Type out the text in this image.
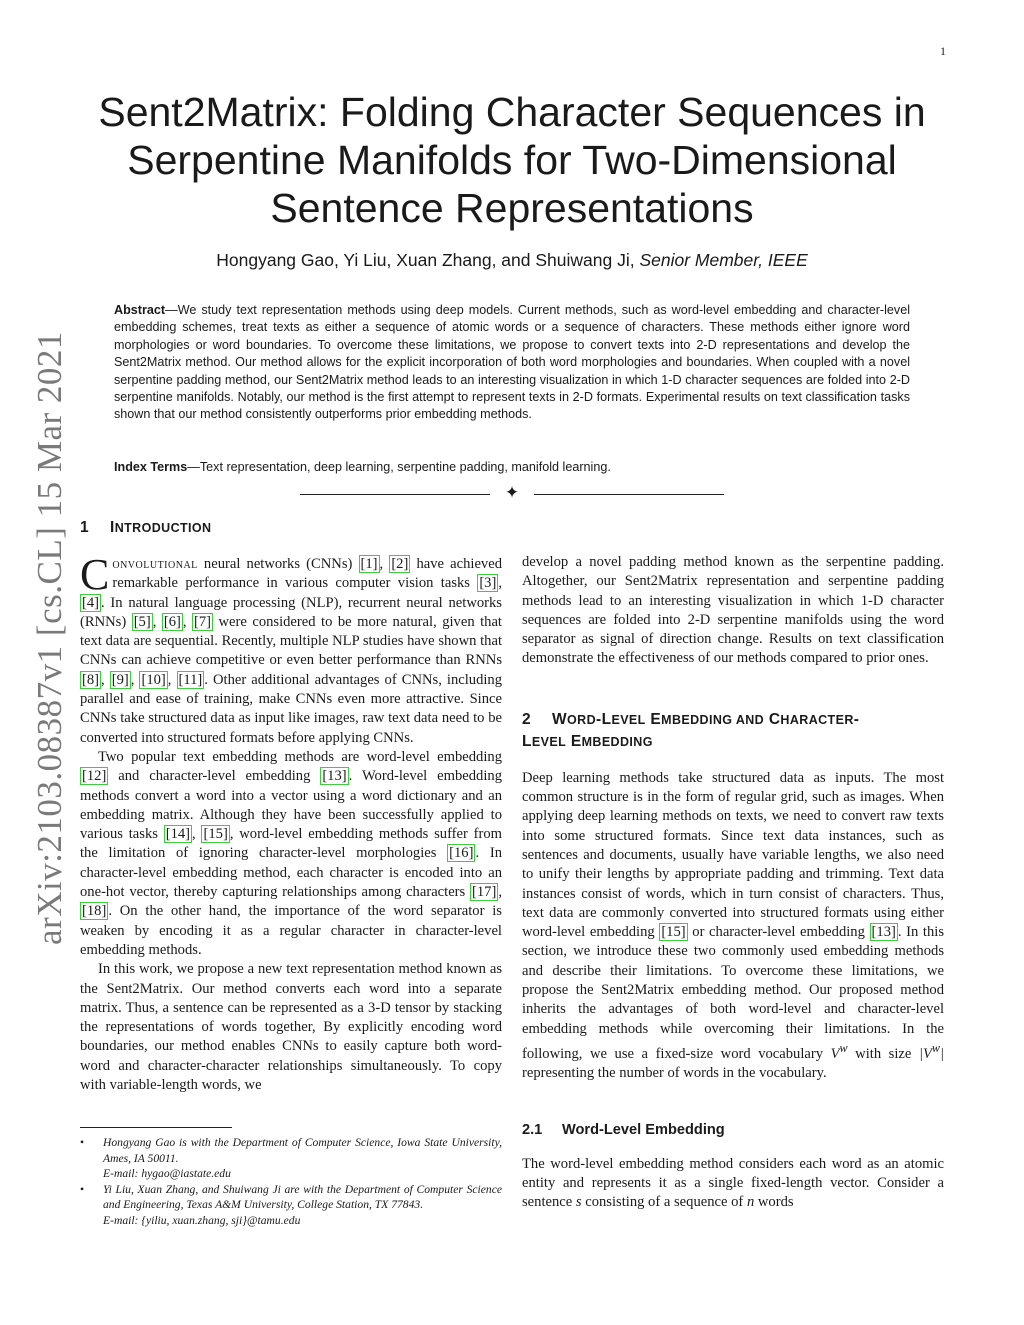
1
arXiv:2103.08387v1 [cs.CL] 15 Mar 2021
Sent2Matrix: Folding Character Sequences in Serpentine Manifolds for Two-Dimensional Sentence Representations
Hongyang Gao, Yi Liu, Xuan Zhang, and Shuiwang Ji, Senior Member, IEEE

Abstract—We study text representation methods using deep models. Current methods, such as word-level embedding and character-level embedding schemes, treat texts as either a sequence of atomic words or a sequence of characters. These methods either ignore word morphologies or word boundaries. To overcome these limitations, we propose to convert texts into 2-D representations and develop the Sent2Matrix method. Our method allows for the explicit incorporation of both word morphologies and boundaries. When coupled with a novel serpentine padding method, our Sent2Matrix method leads to an interesting visualization in which 1-D character sequences are folded into 2-D serpentine manifolds. Notably, our method is the first attempt to represent texts in 2-D formats. Experimental results on text classification tasks shown that our method consistently outperforms prior embedding methods.

Index Terms—Text representation, deep learning, serpentine padding, manifold learning.

✦
1 INTRODUCTION

Convolutional neural networks (CNNs) [1] , [2] have achieved remarkable performance in various computer vision tasks [3] , [4] . In natural language processing (NLP), recurrent neural networks (RNNs) [5] , [6] , [7] were considered to be more natural, given that text data are sequential. Recently, multiple NLP studies have shown that CNNs can achieve competitive or even better performance than RNNs [8] , [9] , [10] , [11] . Other additional advantages of CNNs, including parallel and ease of training, make CNNs even more attractive. Since CNNs take structured data as input like images, raw text data need to be converted into structured formats before applying CNNs.

Two popular text embedding methods are word-level embedding [12] and character-level embedding [13] . Word-level embedding methods convert a word into a vector using a word dictionary and an embedding matrix. Although they have been successfully applied to various tasks [14] , [15] , word-level embedding methods suffer from the limitation of ignoring character-level morphologies [16] . In character-level embedding method, each character is encoded into an one-hot vector, thereby capturing relationships among characters [17] , [18] . On the other hand, the importance of the word separator is weaken by encoding it as a regular character in character-level embedding methods.

In this work, we propose a new text representation method known as the Sent2Matrix. Our method converts each word into a separate matrix. Thus, a sentence can be represented as a 3-D tensor by stacking the representations of words together, By explicitly encoding word boundaries, our method enables CNNs to easily capture both word-word and character-character relationships simultaneously. To copy with variable-length words, we

develop a novel padding method known as the serpentine padding. Altogether, our Sent2Matrix representation and serpentine padding methods lead to an interesting visualization in which 1-D character sequences are folded into 2-D serpentine manifolds using the word separator as signal of direction change. Results on text classification demonstrate the effectiveness of our methods compared to prior ones.

2 WORD-LEVEL EMBEDDING AND CHARACTER-
LEVEL EMBEDDING

Deep learning methods take structured data as inputs. The most common structure is in the form of regular grid, such as images. When applying deep learning methods on texts, we need to convert raw texts into some structured formats. Since text data instances, such as sentences and documents, usually have variable lengths, we also need to unify their lengths by appropriate padding and trimming. Text data instances consist of words, which in turn consist of characters. Thus, text data are commonly converted into structured formats using either word-level embedding [15] or character-level embedding [13] . In this section, we introduce these two commonly used embedding methods and describe their limitations. To overcome these limitations, we propose the Sent2Matrix embedding method. Our proposed method inherits the advantages of both word-level and character-level embedding methods while overcoming their limitations. In the following, we use a fixed-size word vocabulary $V^w$ with size $|V^w|$ representing the number of words in the vocabulary.

2.1 Word-Level Embedding

The word-level embedding method considers each word as an atomic entity and represents it as a single fixed-length vector. Consider a sentence s consisting of a sequence of n words

• Hongyang Gao is with the Department of Computer Science, Iowa State University, Ames, IA 50011.
E-mail: hygao@iastate.edu
• Yi Liu, Xuan Zhang, and Shuiwang Ji are with the Department of Computer Science and Engineering, Texas A&M University, College Station, TX 77843.
E-mail: {yiliu, xuan.zhang, sji}@tamu.edu
